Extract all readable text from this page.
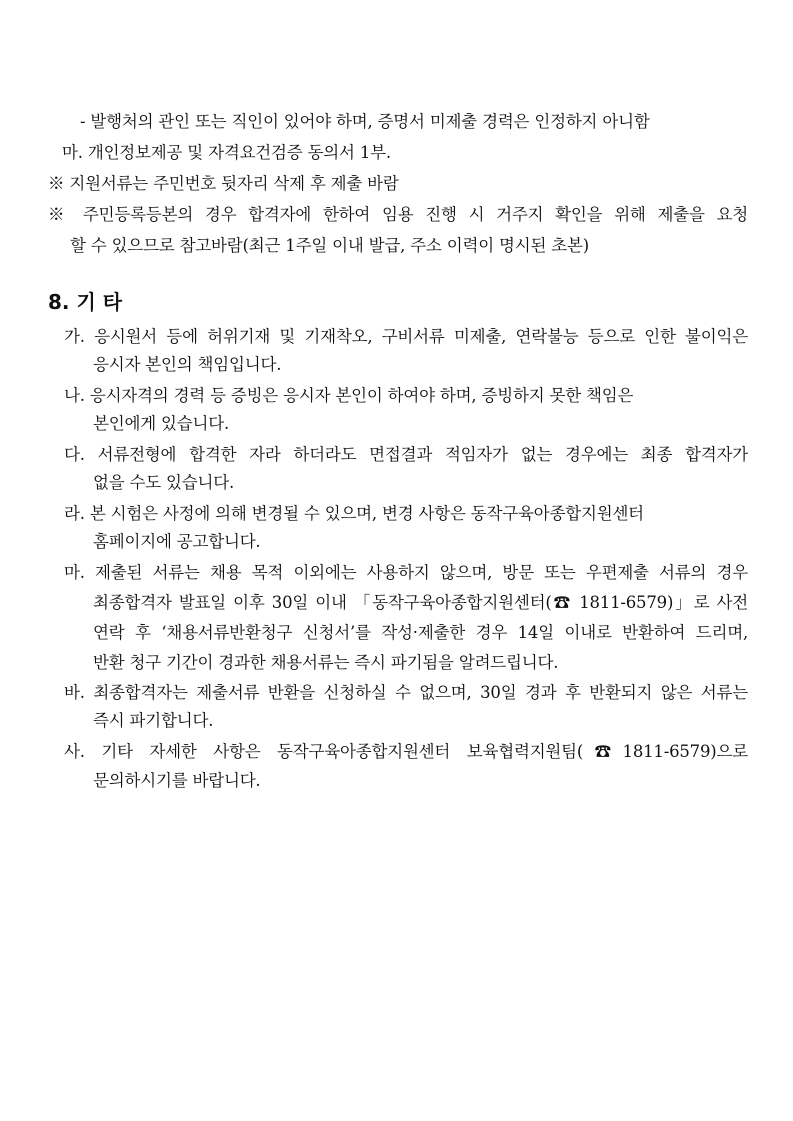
- 발행처의 관인 또는 직인이 있어야 하며, 증명서 미제출 경력은 인정하지 아니함
마. 개인정보제공 및 자격요건검증 동의서 1부.
※ 지원서류는 주민번호 뒷자리 삭제 후 제출 바람
※ 주민등록등본의 경우 합격자에 한하여 임용 진행 시 거주지 확인을 위해 제출을 요청
할 수 있으므로 참고바람(최근 1주일 이내 발급, 주소 이력이 명시된 초본)
8. 기 타
가. 응시원서 등에 허위기재 및 기재착오, 구비서류 미제출, 연락불능 등으로 인한 불이익은
응시자 본인의 책임입니다.
나. 응시자격의 경력 등 증빙은 응시자 본인이 하여야 하며, 증빙하지 못한 책임은
본인에게 있습니다.
다. 서류전형에 합격한 자라 하더라도 면접결과 적임자가 없는 경우에는 최종 합격자가
없을 수도 있습니다.
라. 본 시험은 사정에 의해 변경될 수 있으며, 변경 사항은 동작구육아종합지원센터
홈페이지에 공고합니다.
마. 제출된 서류는 채용 목적 이외에는 사용하지 않으며, 방문 또는 우편제출 서류의 경우
최종합격자 발표일 이후 30일 이내 「동작구육아종합지원센터(☎ 1811-6579)」로 사전
연락 후 ‘채용서류반환청구 신청서’를 작성·제출한 경우 14일 이내로 반환하여 드리며,
반환 청구 기간이 경과한 채용서류는 즉시 파기됨을 알려드립니다.
바. 최종합격자는 제출서류 반환을 신청하실 수 없으며, 30일 경과 후 반환되지 않은 서류는
즉시 파기합니다.
사. 기타 자세한 사항은 동작구육아종합지원센터 보육협력지원팀(☎1811-6579)으로
문의하시기를 바랍니다.
